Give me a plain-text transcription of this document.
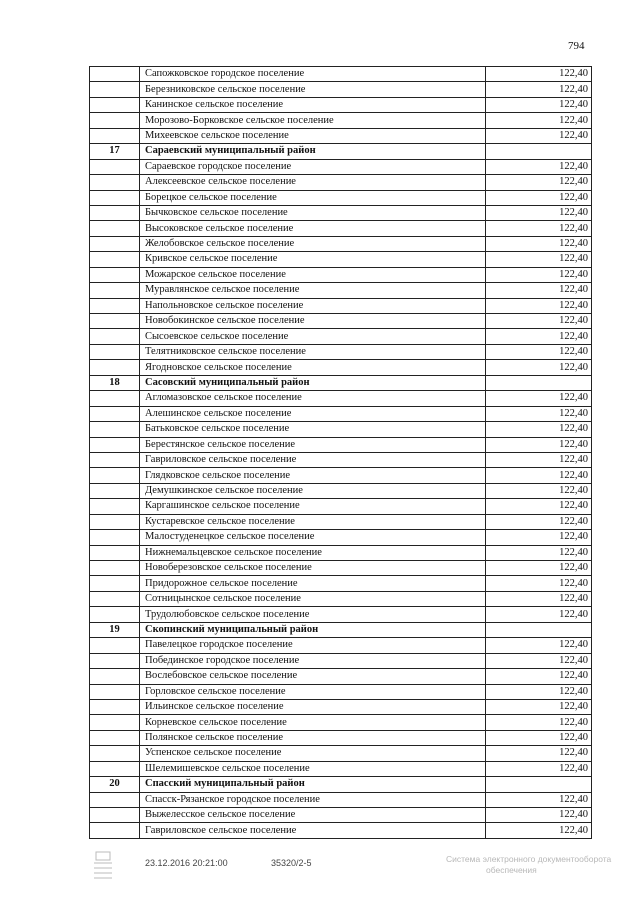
794
	Сапожковское городское поселение	122,40
	Березниковское сельское поселение	122,40
	Канинское сельское поселение	122,40
	Морозово-Борковское сельское поселение	122,40
	Михеевское сельское поселение	122,40
17	Сараевский муниципальный район	
	Сараевское городское поселение	122,40
	Алексеевское сельское поселение	122,40
	Борецкое сельское поселение	122,40
	Бычковское сельское поселение	122,40
	Высоковское сельское поселение	122,40
	Желобовское сельское поселение	122,40
	Кривское сельское поселение	122,40
	Можарское сельское поселение	122,40
	Муравлянское сельское поселение	122,40
	Напольновское сельское поселение	122,40
	Новобокинское сельское поселение	122,40
	Сысоевское сельское поселение	122,40
	Телятниковское сельское поселение	122,40
	Ягодновское сельское поселение	122,40
18	Сасовский муниципальный район	
	Агломазовское сельское поселение	122,40
	Алешинское сельское поселение	122,40
	Батьковское сельское поселение	122,40
	Берестянское сельское поселение	122,40
	Гавриловское сельское поселение	122,40
	Глядковское сельское поселение	122,40
	Демушкинское сельское поселение	122,40
	Каргашинское сельское поселение	122,40
	Кустаревское сельское поселение	122,40
	Малостуденецкое сельское поселение	122,40
	Нижнемальцевское сельское поселение	122,40
	Новоберезовское сельское поселение	122,40
	Придорожное сельское поселение	122,40
	Сотницынское сельское поселение	122,40
	Трудолюбовское сельское поселение	122,40
19	Скопинский муниципальный район	
	Павелецкое городское поселение	122,40
	Побединское городское поселение	122,40
	Вослебовское сельское поселение	122,40
	Горловское сельское поселение	122,40
	Ильинское сельское поселение	122,40
	Корневское сельское поселение	122,40
	Полянское сельское поселение	122,40
	Успенское сельское поселение	122,40
	Шелемишевское сельское поселение	122,40
20	Спасский муниципальный район	
	Спасск-Рязанское городское поселение	122,40
	Выжелесское сельское поселение	122,40
	Гавриловское сельское поселение	122,40
23.12.2016 20:21:00	35320/2-5	Система электронного документооборота
обеспечения
